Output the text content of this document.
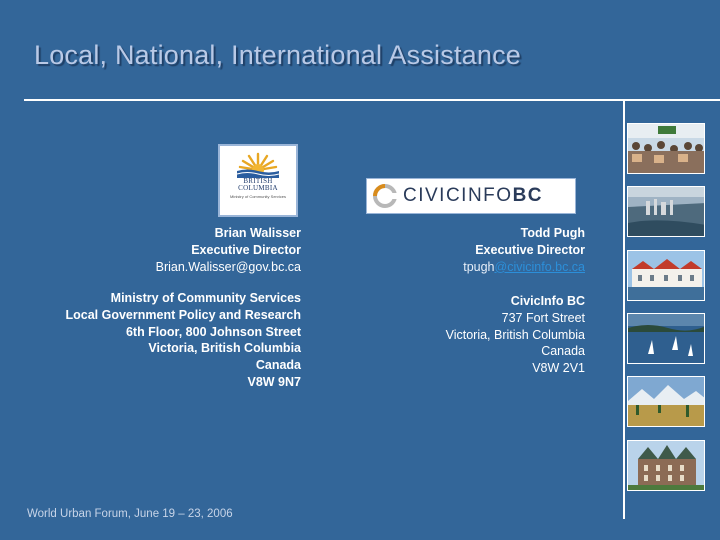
Local, National, International Assistance
BRITISH
COLUMBIA
Ministry of Community Services	CIVICINFOBC
Brian Walisser
Executive Director
Brian.Walisser@gov.bc.ca
Ministry of Community Services
Local Government Policy and Research
6th Floor, 800 Johnson Street
Victoria, British Columbia
Canada
V8W 9N7
Todd Pugh
Executive Director
tpugh@civicinfo.bc.ca
CivicInfo BC
737 Fort Street
Victoria, British Columbia
Canada
V8W 2V1
World Urban Forum, June 19 – 23, 2006
